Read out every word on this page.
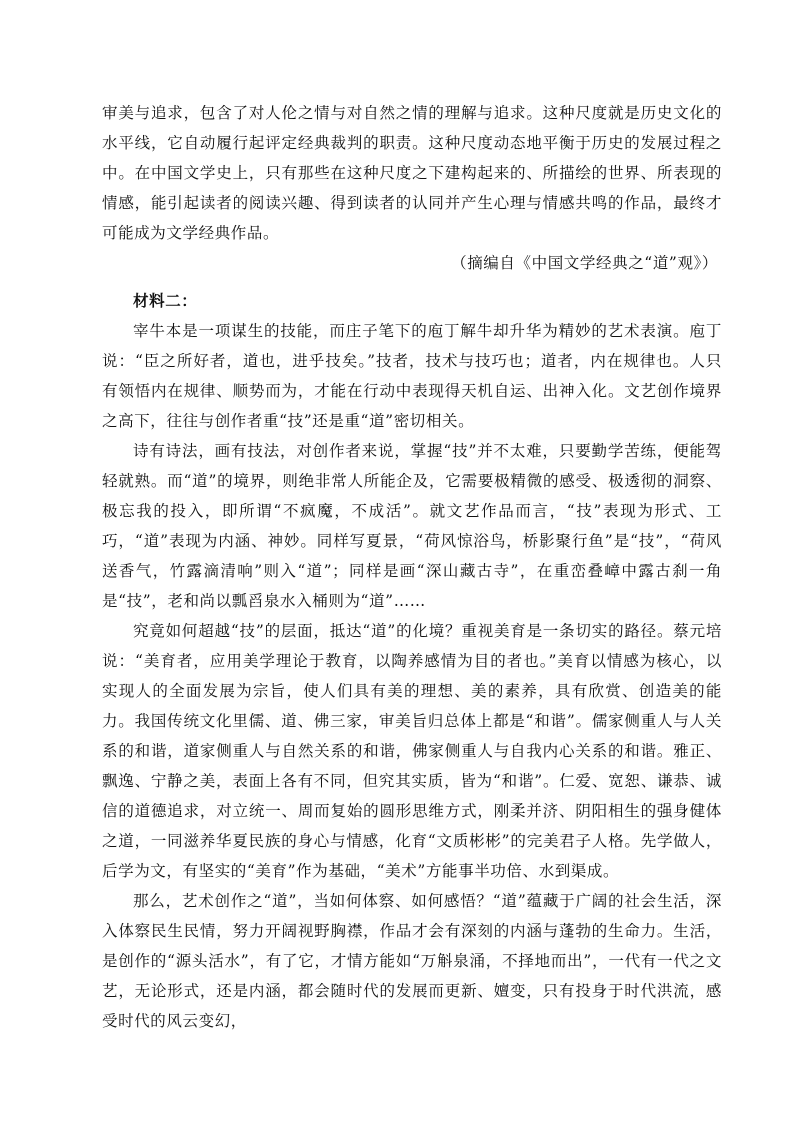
审美与追求，包含了对人伦之情与对自然之情的理解与追求。这种尺度就是历史文化的水平线，它自动履行起评定经典裁判的职责。这种尺度动态地平衡于历史的发展过程之中。在中国文学史上，只有那些在这种尺度之下建构起来的、所描绘的世界、所表现的情感，能引起读者的阅读兴趣、得到读者的认同并产生心理与情感共鸣的作品，最终才可能成为文学经典作品。

（摘编自《中国文学经典之“道”观》）

材料二：

宰牛本是一项谋生的技能，而庄子笔下的庖丁解牛却升华为精妙的艺术表演。庖丁说：“臣之所好者，道也，进乎技矣。”技者，技术与技巧也；道者，内在规律也。人只有领悟内在规律、顺势而为，才能在行动中表现得天机自运、出神入化。文艺创作境界之高下，往往与创作者重“技”还是重“道”密切相关。

诗有诗法，画有技法，对创作者来说，掌握“技”并不太难，只要勤学苦练，便能驾轻就熟。而“道”的境界，则绝非常人所能企及，它需要极精微的感受、极透彻的洞察、极忘我的投入，即所谓“不疯魔，不成活”。就文艺作品而言，“技”表现为形式、工巧，“道”表现为内涵、神妙。同样写夏景，“荷风惊浴鸟，桥影聚行鱼”是“技”，“荷风送香气，竹露滴清响”则入“道”；同样是画“深山藏古寺”，在重峦叠嶂中露古刹一角是“技”，老和尚以瓢舀泉水入桶则为“道”……

究竟如何超越“技”的层面，抵达“道”的化境？重视美育是一条切实的路径。蔡元培说：“美育者，应用美学理论于教育，以陶养感情为目的者也。”美育以情感为核心，以实现人的全面发展为宗旨，使人们具有美的理想、美的素养，具有欣赏、创造美的能力。我国传统文化里儒、道、佛三家，审美旨归总体上都是“和谐”。儒家侧重人与人关系的和谐，道家侧重人与自然关系的和谐，佛家侧重人与自我内心关系的和谐。雅正、飘逸、宁静之美，表面上各有不同，但究其实质，皆为“和谐”。仁爱、宽恕、谦恭、诚信的道德追求，对立统一、周而复始的圆形思维方式，刚柔并济、阴阳相生的强身健体之道，一同滋养华夏民族的身心与情感，化育“文质彬彬”的完美君子人格。先学做人，后学为文，有坚实的“美育”作为基础，“美术”方能事半功倍、水到渠成。

那么，艺术创作之“道”，当如何体察、如何感悟？“道”蕴藏于广阔的社会生活，深入体察民生民情，努力开阔视野胸襟，作品才会有深刻的内涵与蓬勃的生命力。生活，是创作的“源头活水”，有了它，才情方能如“万斛泉涌，不择地而出”，一代有一代之文艺，无论形式，还是内涵，都会随时代的发展而更新、嬗变，只有投身于时代洪流，感受时代的风云变幻，
